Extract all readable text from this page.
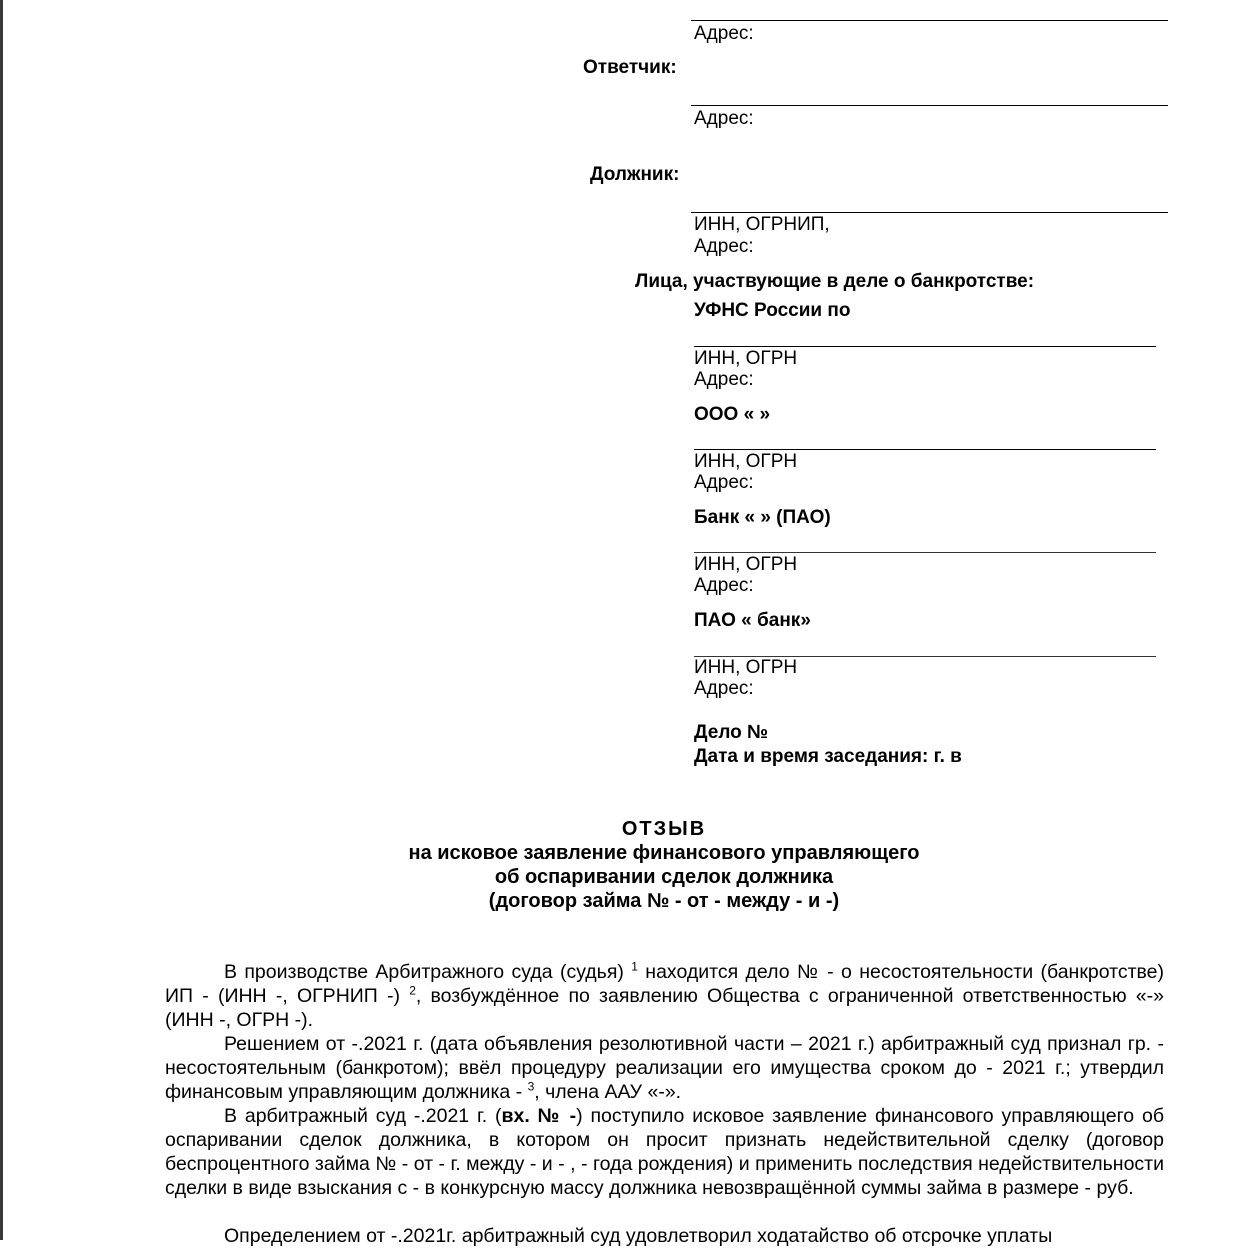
Адрес:
Ответчик:
Адрес:
Должник:
ИНН, ОГРНИП,
Адрес:
Лица, участвующие в деле о банкротстве:
УФНС России по
ИНН, ОГРН
Адрес:
ООО « »
ИНН, ОГРН
Адрес:
Банк « » (ПАО)
ИНН, ОГРН
Адрес:
ПАО « банк»
ИНН, ОГРН
Адрес:
Дело №
Дата и время заседания: г. в
ОТЗЫВ
на исковое заявление финансового управляющего
об оспаривании сделок должника
(договор займа № - от - между - и -)
В производстве Арбитражного суда (судья) $^1$ находится дело № - о несостоятельности (банкротстве) ИП - (ИНН -, ОГРНИП -) $^2$, возбуждённое по заявлению Общества с ограниченной ответственностью «-» (ИНН -, ОГРН -).
Решением от -.2021 г. (дата объявления резолютивной части – 2021 г.) арбитражный суд признал гр. - несостоятельным (банкротом); ввёл процедуру реализации его имущества сроком до - 2021 г.; утвердил финансовым управляющим должника - $^3$, члена ААУ «-».
В арбитражный суд -.2021 г. (вх. № -) поступило исковое заявление финансового управляющего об оспаривании сделок должника, в котором он просит признать недействительной сделку (договор беспроцентного займа № - от - г. между - и - , - года рождения) и применить последствия недействительности сделки в виде взыскания с - в конкурсную массу должника невозвращённой суммы займа в размере - руб.
Определением от -.2021г. арбитражный суд удовлетворил ходатайство об отсрочке уплаты
